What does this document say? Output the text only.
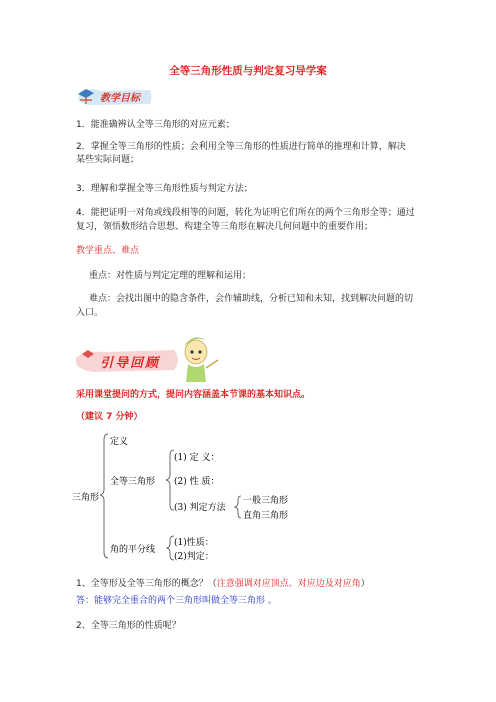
全等三角形性质与判定复习导学案
教学目标
1．能准确辨认全等三角形的对应元素；
2．掌握全等三角形的性质；会利用全等三角形的性质进行简单的推理和计算，解决
某些实际问题；
3．理解和掌握全等三角形性质与判定方法；
4．能把证明一对角或线段相等的问题，转化为证明它们所在的两个三角形全等；通过
复习，领悟数形结合思想、构建全等三角形在解决几何问题中的重要作用；
教学重点、难点
重点：对性质与判定定理的理解和运用；
难点：会找出图中的隐含条件，会作辅助线，分析已知和未知，找到解决问题的切
入口。
引导回顾
采用课堂提问的方式，提问内容涵盖本节课的基本知识点。
（建议 7 分钟）
三角形
定义
全等三角形
(1) 定 义：
(2) 性 质：
(3) 判定方法
一般三角形
直角三角形
角的平分线
(1)性质：
(2)判定：
1、全等形及全等三角形的概念？（注意强调对应顶点、对应边及对应角）
答：能够完全重合的两个三角形叫做全等三角形 。
2、全等三角形的性质呢？
